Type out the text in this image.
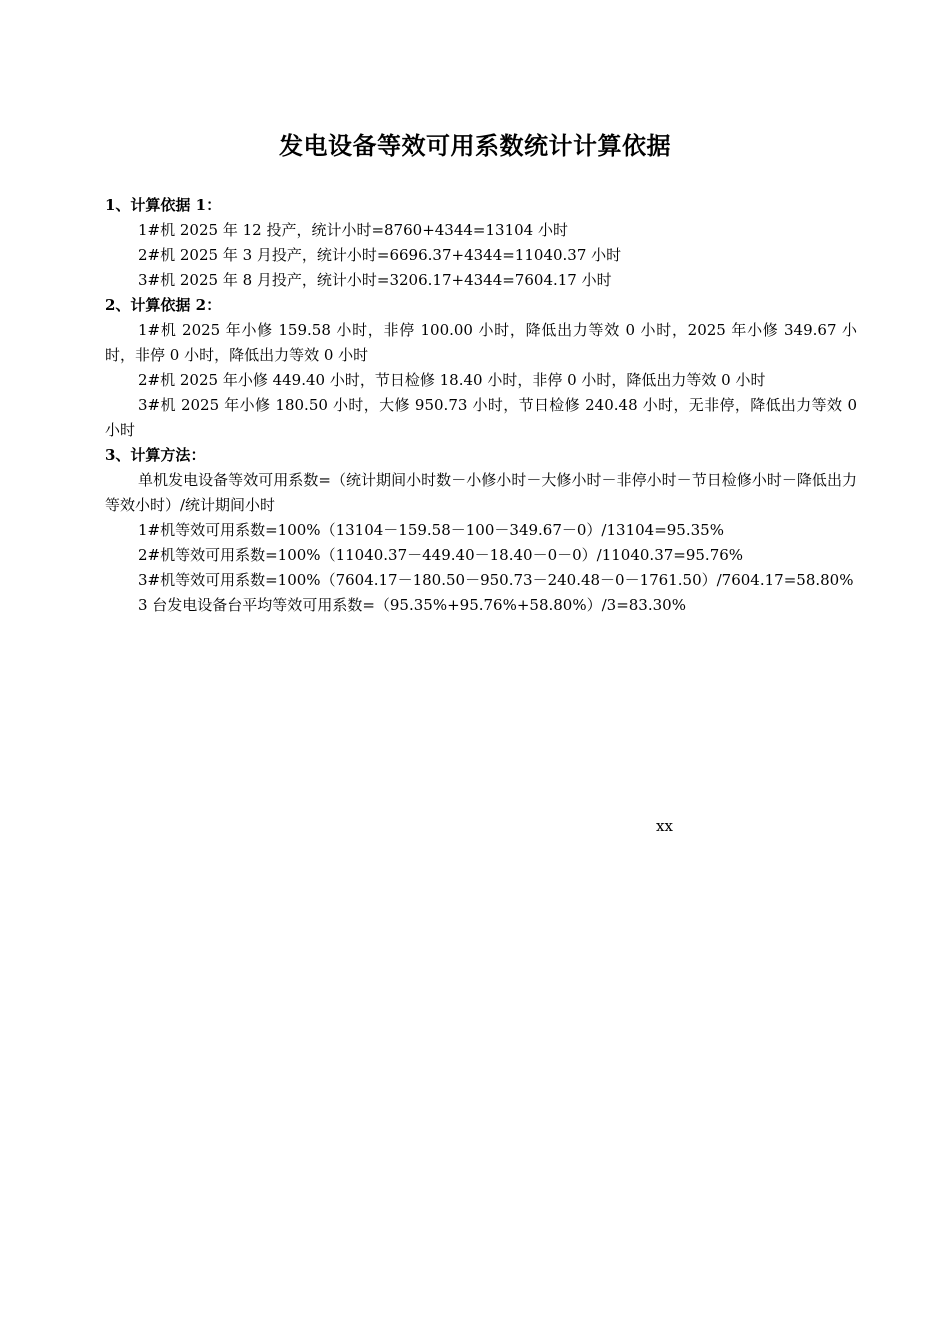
发电设备等效可用系数统计计算依据
1、计算依据 1：
1#机 2025 年 12 投产，统计小时=8760+4344=13104 小时
2#机 2025 年 3 月投产，统计小时=6696.37+4344=11040.37 小时
3#机 2025 年 8 月投产，统计小时=3206.17+4344=7604.17 小时
2、计算依据 2：
1#机 2025 年小修 159.58 小时，非停 100.00 小时，降低出力等效 0 小时，2025 年小修 349.67 小时，非停 0 小时，降低出力等效 0 小时
2#机 2025 年小修 449.40 小时，节日检修 18.40 小时，非停 0 小时，降低出力等效 0 小时
3#机 2025 年小修 180.50 小时，大修 950.73 小时，节日检修 240.48 小时，无非停，降低出力等效 0 小时
3、计算方法：
单机发电设备等效可用系数=（统计期间小时数－小修小时－大修小时－非停小时－节日检修小时－降低出力等效小时）/统计期间小时
1#机等效可用系数=100%（13104－159.58－100－349.67－0）/13104=95.35%
2#机等效可用系数=100%（11040.37－449.40－18.40－0－0）/11040.37=95.76%
3#机等效可用系数=100%（7604.17－180.50－950.73－240.48－0－1761.50）/7604.17=58.80%
3 台发电设备台平均等效可用系数=（95.35%+95.76%+58.80%）/3=83.30%
xx
